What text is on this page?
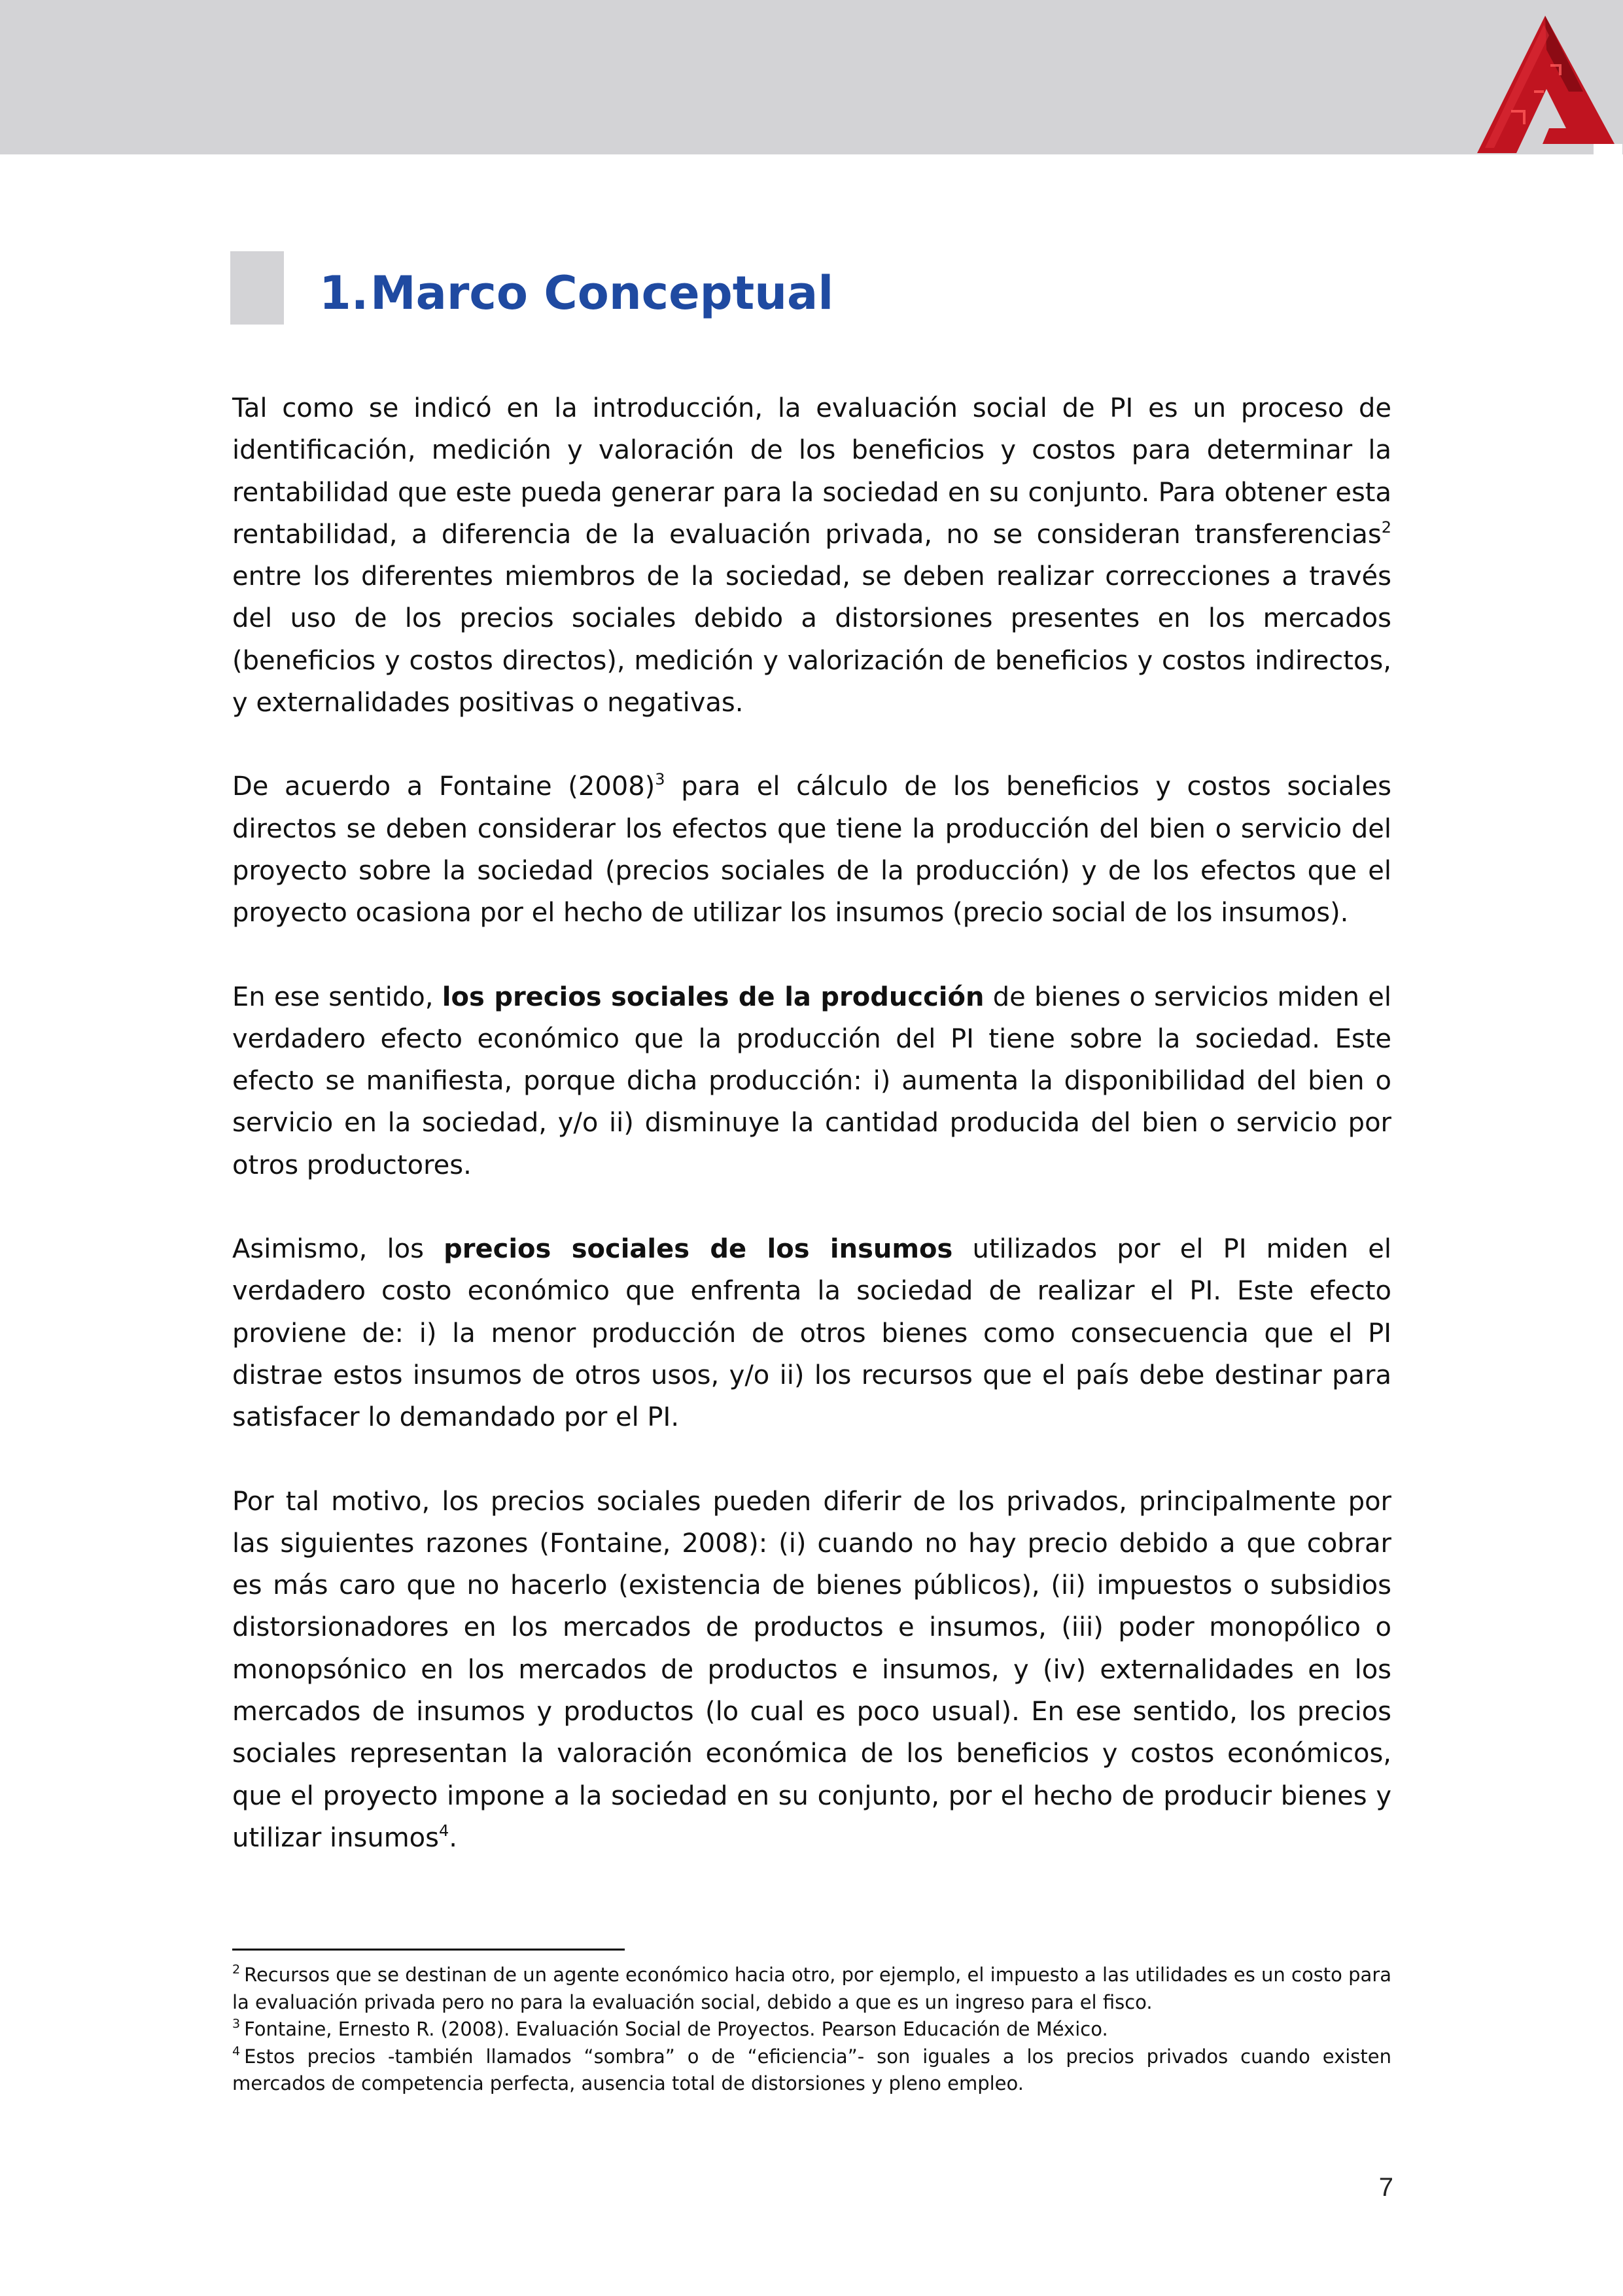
1.Marco Conceptual

Tal como se indicó en la introducción, la evaluación social de PI es un proceso de identificación, medición y valoración de los beneficios y costos para determinar la rentabilidad que este pueda generar para la sociedad en su conjunto. Para obtener esta rentabilidad, a diferencia de la evaluación privada, no se consideran transferencias$^2$ entre los diferentes miembros de la sociedad, se deben realizar correcciones a través del uso de los precios sociales debido a distorsiones presentes en los mercados (beneficios y costos directos), medición y valorización de beneficios y costos indirectos, y externalidades positivas o negativas.

De acuerdo a Fontaine $(2008)^3$ para el cálculo de los beneficios y costos sociales directos se deben considerar los efectos que tiene la producción del bien o servicio del proyecto sobre la sociedad (precios sociales de la producción) y de los efectos que el proyecto ocasiona por el hecho de utilizar los insumos (precio social de los insumos).

En ese sentido, los precios sociales de la producción de bienes o servicios miden el verdadero efecto económico que la producción del PI tiene sobre la sociedad. Este efecto se manifiesta, porque dicha producción: i) aumenta la disponibilidad del bien o servicio en la sociedad, y/o ii) disminuye la cantidad producida del bien o servicio por otros productores.

Asimismo, los precios sociales de los insumos utilizados por el PI miden el verdadero costo económico que enfrenta la sociedad de realizar el PI. Este efecto proviene de: i) la menor producción de otros bienes como consecuencia que el PI distrae estos insumos de otros usos, y/o ii) los recursos que el país debe destinar para satisfacer lo demandado por el PI.

Por tal motivo, los precios sociales pueden diferir de los privados, principalmente por las siguientes razones (Fontaine, 2008): (i) cuando no hay precio debido a que cobrar es más caro que no hacerlo (existencia de bienes públicos), (ii) impuestos o subsidios distorsionadores en los mercados de productos e insumos, (iii) poder monopólico o monopsónico en los mercados de productos e insumos, y (iv) externalidades en los mercados de insumos y productos (lo cual es poco usual). En ese sentido, los precios sociales representan la valoración económica de los beneficios y costos económicos, que el proyecto impone a la sociedad en su conjunto, por el hecho de producir bienes y utilizar insumos$^4$.

$^2$ Recursos que se destinan de un agente económico hacia otro, por ejemplo, el impuesto a las utilidades es un costo para la evaluación privada pero no para la evaluación social, debido a que es un ingreso para el fisco.

$^3$ Fontaine, Ernesto R. (2008). Evaluación Social de Proyectos. Pearson Educación de México.

$^4$ Estos precios -también llamados “sombra” o de “eficiencia”- son iguales a los precios privados cuando existen mercados de competencia perfecta, ausencia total de distorsiones y pleno empleo.

7
